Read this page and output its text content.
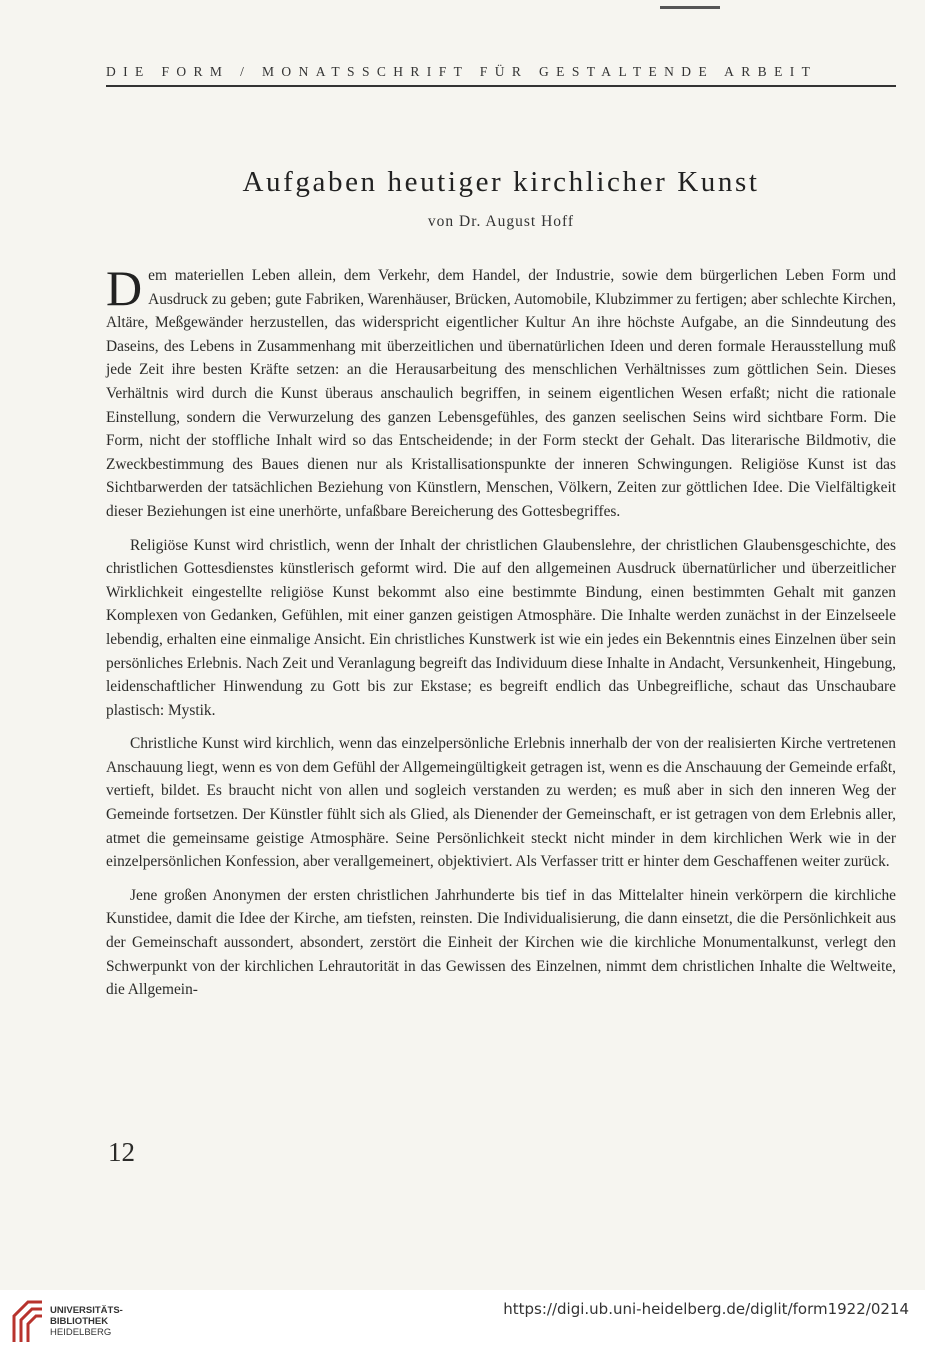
DIE FORM / MONATSSCHRIFT FÜR GESTALTENDE ARBEIT
Aufgaben heutiger kirchlicher Kunst
von Dr. August Hoff

Dem materiellen Leben allein, dem Verkehr, dem Handel, der Industrie, sowie dem bürgerlichen Leben Form und Ausdruck zu geben; gute Fabriken, Warenhäuser, Brücken, Automobile, Klubzimmer zu fertigen; aber schlechte Kirchen, Altäre, Meßgewänder herzustellen, das widerspricht eigentlicher Kultur An ihre höchste Aufgabe, an die Sinndeutung des Daseins, des Lebens in Zusammenhang mit überzeitlichen und übernatürlichen Ideen und deren formale Herausstellung muß jede Zeit ihre besten Kräfte setzen: an die Herausarbeitung des menschlichen Verhältnisses zum göttlichen Sein. Dieses Verhältnis wird durch die Kunst überaus anschaulich begriffen, in seinem eigentlichen Wesen erfaßt; nicht die rationale Einstellung, sondern die Verwurzelung des ganzen Lebensgefühles, des ganzen seelischen Seins wird sichtbare Form. Die Form, nicht der stoffliche Inhalt wird so das Entscheidende; in der Form steckt der Gehalt. Das literarische Bildmotiv, die Zweckbestimmung des Baues dienen nur als Kristallisationspunkte der inneren Schwingungen. Religiöse Kunst ist das Sichtbarwerden der tatsächlichen Beziehung von Künstlern, Menschen, Völkern, Zeiten zur göttlichen Idee. Die Vielfältigkeit dieser Beziehungen ist eine unerhörte, unfaßbare Bereicherung des Gottesbegriffes.

Religiöse Kunst wird christlich, wenn der Inhalt der christlichen Glaubenslehre, der christlichen Glaubensgeschichte, des christlichen Gottesdienstes künstlerisch geformt wird. Die auf den allgemeinen Ausdruck übernatürlicher und überzeitlicher Wirklichkeit eingestellte religiöse Kunst bekommt also eine bestimmte Bindung, einen bestimmten Gehalt mit ganzen Komplexen von Gedanken, Gefühlen, mit einer ganzen geistigen Atmosphäre. Die Inhalte werden zunächst in der Einzelseele lebendig, erhalten eine einmalige Ansicht. Ein christliches Kunstwerk ist wie ein jedes ein Bekenntnis eines Einzelnen über sein persönliches Erlebnis. Nach Zeit und Veranlagung begreift das Individuum diese Inhalte in Andacht, Versunkenheit, Hingebung, leidenschaftlicher Hinwendung zu Gott bis zur Ekstase; es begreift endlich das Unbegreifliche, schaut das Unschaubare plastisch: Mystik.

Christliche Kunst wird kirchlich, wenn das einzelpersönliche Erlebnis innerhalb der von der realisierten Kirche vertretenen Anschauung liegt, wenn es von dem Gefühl der Allgemeingültigkeit getragen ist, wenn es die Anschauung der Gemeinde erfaßt, vertieft, bildet. Es braucht nicht von allen und sogleich verstanden zu werden; es muß aber in sich den inneren Weg der Gemeinde fortsetzen. Der Künstler fühlt sich als Glied, als Dienender der Gemeinschaft, er ist getragen von dem Erlebnis aller, atmet die gemeinsame geistige Atmosphäre. Seine Persönlichkeit steckt nicht minder in dem kirchlichen Werk wie in der einzelpersönlichen Konfession, aber verallgemeinert, objektiviert. Als Verfasser tritt er hinter dem Geschaffenen weiter zurück.

Jene großen Anonymen der ersten christlichen Jahrhunderte bis tief in das Mittelalter hinein verkörpern die kirchliche Kunstidee, damit die Idee der Kirche, am tiefsten, reinsten. Die Individualisierung, die dann einsetzt, die die Persönlichkeit aus der Gemeinschaft aussondert, absondert, zerstört die Einheit der Kirchen wie die kirchliche Monumentalkunst, verlegt den Schwerpunkt von der kirchlichen Lehrautorität in das Gewissen des Einzelnen, nimmt dem christlichen Inhalte die Weltweite, die Allgemein-

12
UNIVERSITÄTS-
BIBLIOTHEK
HEIDELBERG
https://digi.ub.uni-heidelberg.de/diglit/form1922/0214
